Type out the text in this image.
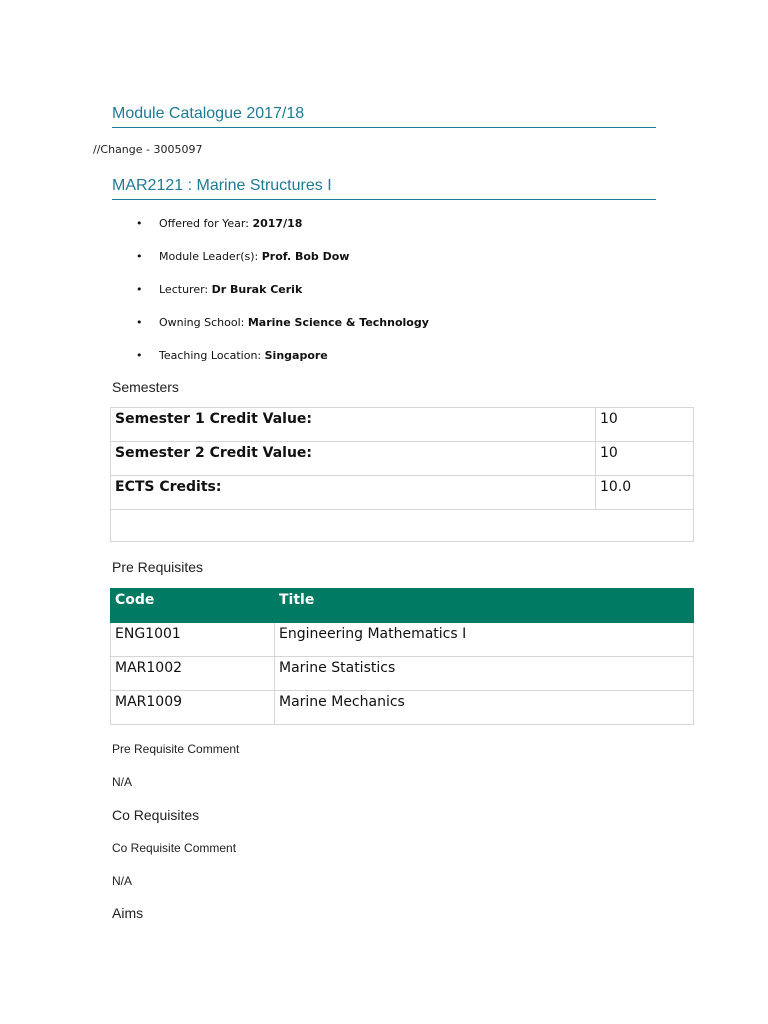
Module Catalogue 2017/18
//Change - 3005097
MAR2121 : Marine Structures I
• Offered for Year: 2017/18
• Module Leader(s): Prof. Bob Dow
• Lecturer: Dr Burak Cerik
• Owning School: Marine Science & Technology
• Teaching Location: Singapore
Semesters
Semester 1 Credit Value:	10
Semester 2 Credit Value:	10
ECTS Credits:	10.0

Pre Requisites
Code	Title
ENG1001	Engineering Mathematics I
MAR1002	Marine Statistics
MAR1009	Marine Mechanics
Pre Requisite Comment
N/A
Co Requisites
Co Requisite Comment
N/A
Aims
